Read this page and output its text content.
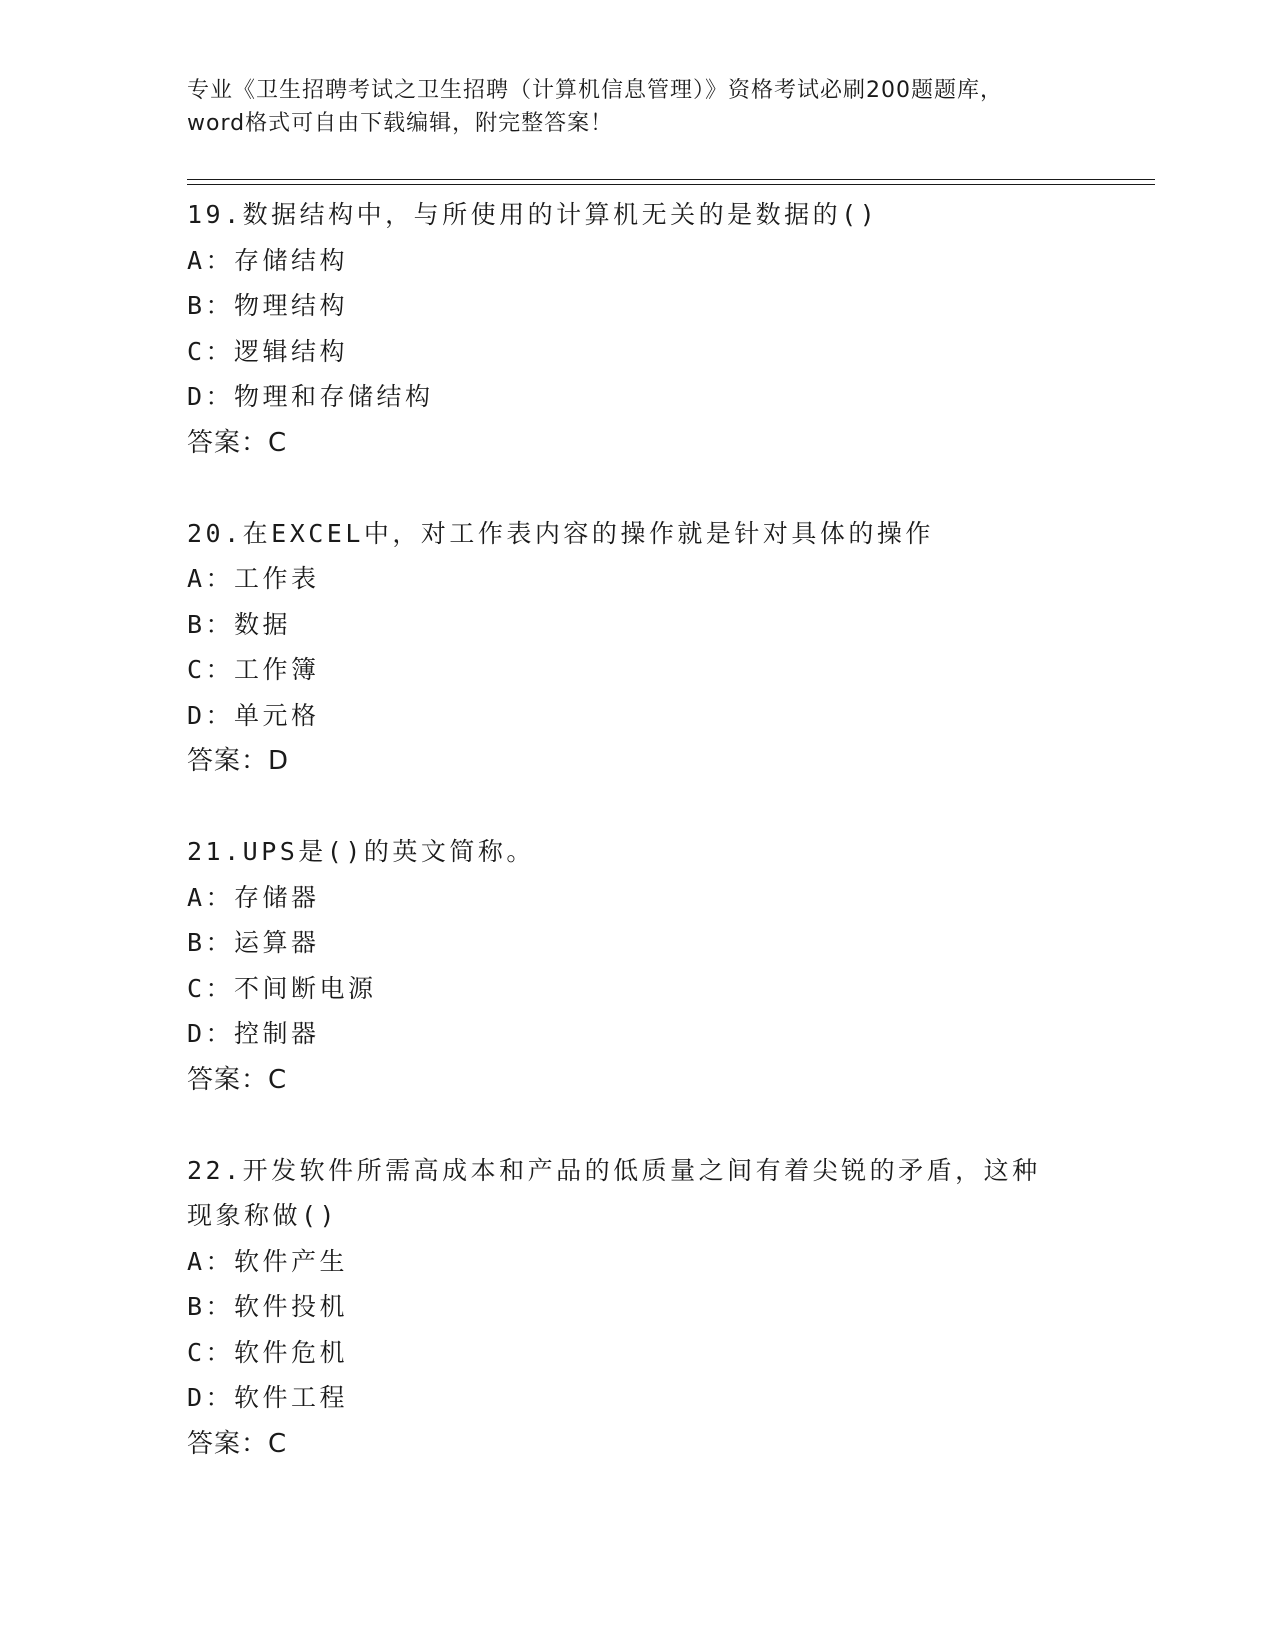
专业《卫生招聘考试之卫生招聘（计算机信息管理）》资格考试必刷200题题库，
word格式可自由下载编辑，附完整答案！
19.数据结构中，与所使用的计算机无关的是数据的()
A：存储结构
B：物理结构
C：逻辑结构
D：物理和存储结构
答案：C
20.在EXCEL中，对工作表内容的操作就是针对具体的操作
A：工作表
B：数据
C：工作簿
D：单元格
答案：D
21.UPS是()的英文简称。
A：存储器
B：运算器
C：不间断电源
D：控制器
答案：C
22.开发软件所需高成本和产品的低质量之间有着尖锐的矛盾，这种现象称做()
A：软件产生
B：软件投机
C：软件危机
D：软件工程
答案：C
